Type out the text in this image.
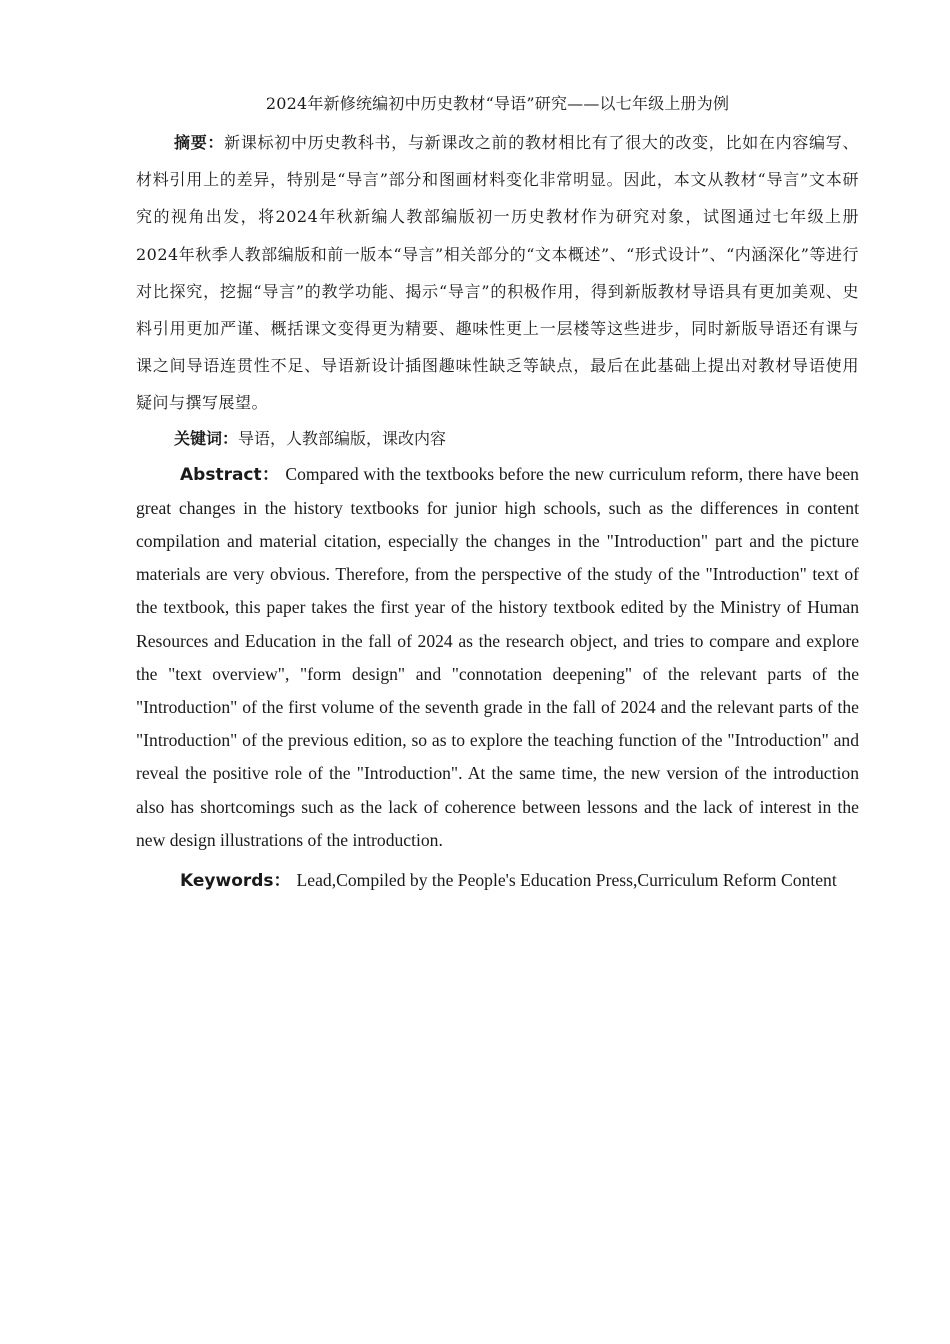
2024年新修统编初中历史教材“导语”研究——以七年级上册为例

摘要：新课标初中历史教科书，与新课改之前的教材相比有了很大的改变，比如在内容编写、材料引用上的差异，特别是“导言”部分和图画材料变化非常明显。因此，本文从教材“导言”文本研究的视角出发，将2024年秋新编人教部编版初一历史教材作为研究对象，试图通过七年级上册2024年秋季人教部编版和前一版本“导言”相关部分的“文本概述”、“形式设计”、“内涵深化”等进行对比探究，挖掘“导言”的教学功能、揭示“导言”的积极作用，得到新版教材导语具有更加美观、史料引用更加严谨、概括课文变得更为精要、趣味性更上一层楼等这些进步，同时新版导语还有课与课之间导语连贯性不足、导语新设计插图趣味性缺乏等缺点，最后在此基础上提出对教材导语使用疑问与撰写展望。

关键词：导语，人教部编版，课改内容

Abstract： Compared with the textbooks before the new curriculum reform, there have been great changes in the history textbooks for junior high schools, such as the differences in content compilation and material citation, especially the changes in the "Introduction" part and the picture materials are very obvious. Therefore, from the perspective of the study of the "Introduction" text of the textbook, this paper takes the first year of the history textbook edited by the Ministry of Human Resources and Education in the fall of 2024 as the research object, and tries to compare and explore the "text overview", "form design" and "connotation deepening" of the relevant parts of the "Introduction" of the first volume of the seventh grade in the fall of 2024 and the relevant parts of the "Introduction" of the previous edition, so as to explore the teaching function of the "Introduction" and reveal the positive role of the "Introduction". At the same time, the new version of the introduction also has shortcomings such as the lack of coherence between lessons and the lack of interest in the new design illustrations of the introduction.

Keywords： Lead,Compiled by the People's Education Press,Curriculum Reform Content
